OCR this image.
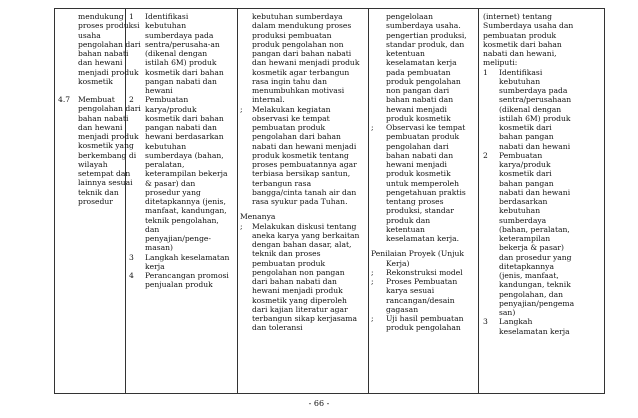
mendukung
proses produksi
usaha
pengolahan dari
bahan nabati
dan hewani
menjadi produk
kosmetik
4.7	Membuat
pengolahan dari
bahan nabati
dan hewani
menjadi produk
kosmetik yang
berkembang di
wilayah
setempat dan
lainnya sesuai
teknik dan
prosedur

1	Identifikasi
kebutuhan
sumberdaya pada
sentra/perusaha-an
(dikenal dengan
istilah 6M) produk
kosmetik dari bahan
pangan nabati dan
hewani
2	Pembuatan
karya/produk
kosmetik dari bahan
pangan nabati dan
hewani berdasarkan
kebutuhan
sumberdaya (bahan,
peralatan,
keterampilan bekerja
& pasar) dan
prosedur yang
ditetapkannya (jenis,
manfaat, kandungan,
teknik pengolahan,
dan
penyajian/penge-
masan)
3	Langkah keselamatan
kerja
4	Perancangan promosi
penjualan produk

kebutuhan sumberdaya
dalam mendukung proses
produksi pembuatan
produk pengolahan non
pangan dari bahan nabati
dan hewani menjadi produk
kosmetik agar terbangun
rasa ingin tahu dan
menumbuhkan motivasi
internal.
;	Melakukan kegiatan
observasi ke tempat
pembuatan produk
pengolahan dari bahan
nabati dan hewani menjadi
produk kosmetik tentang
proses pembuatannya agar
terbiasa bersikap santun,
terbangun rasa
bangga/cinta tanah air dan
rasa syukur pada Tuhan.
Menanya
;	Melakukan diskusi tentang
aneka karya yang berkaitan
dengan bahan dasar, alat,
teknik dan proses
pembuatan produk
pengolahan non pangan
dari bahan nabati dan
hewani menjadi produk
kosmetik yang diperoleh
dari kajian literatur agar
terbangun sikap kerjasama
dan toleransi

pengelolaan
sumberdaya usaha.
pengertian produksi,
standar produk, dan
ketentuan
keselamatan kerja
pada pembuatan
produk pengolahan
non pangan dari
bahan nabati dan
hewani menjadi
produk kosmetik
;	Observasi ke tempat
pembuatan produk
pengolahan dari
bahan nabati dan
hewani menjadi
produk kosmetik
untuk memperoleh
pengetahuan praktis
tentang proses
produksi, standar
produk dan
ketentuan
keselamatan kerja.
Penilaian Proyek (Unjuk
Kerja)
;	Rekonstruksi model
;	Proses Pembuatan
karya sesuai
rancangan/desain
gagasan
;	Uji hasil pembuatan
produk pengolahan

(internet) tentang
Sumberdaya usaha dan
pembuatan produk
kosmetik dari bahan
nabati dan hewani,
meliputi:
1	Identifikasi
kebutuhan
sumberdaya pada
sentra/perusahaan
(dikenal dengan
istilah 6M) produk
kosmetik dari
bahan pangan
nabati dan hewani
2	Pembuatan
karya/produk
kosmetik dari
bahan pangan
nabati dan hewani
berdasarkan
kebutuhan
sumberdaya
(bahan, peralatan,
keterampilan
bekerja & pasar)
dan prosedur yang
ditetapkannya
(jenis, manfaat,
kandungan, teknik
pengolahan, dan
penyajian/pengema
san)
3	Langkah
keselamatan kerja
- 66 -
